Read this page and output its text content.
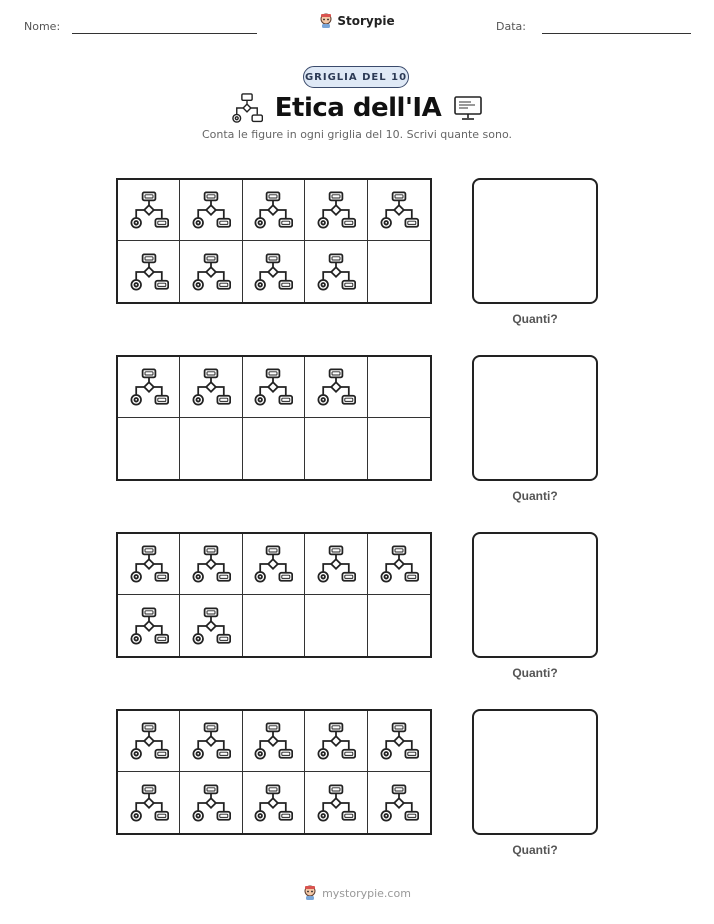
Nome:	Storypie	Data:
GRIGLIA DEL 10
Etica dell'IA
Conta le figure in ogni griglia del 10. Scrivi quante sono.
Quanti?
Quanti?
Quanti?
Quanti?
mystorypie.com
